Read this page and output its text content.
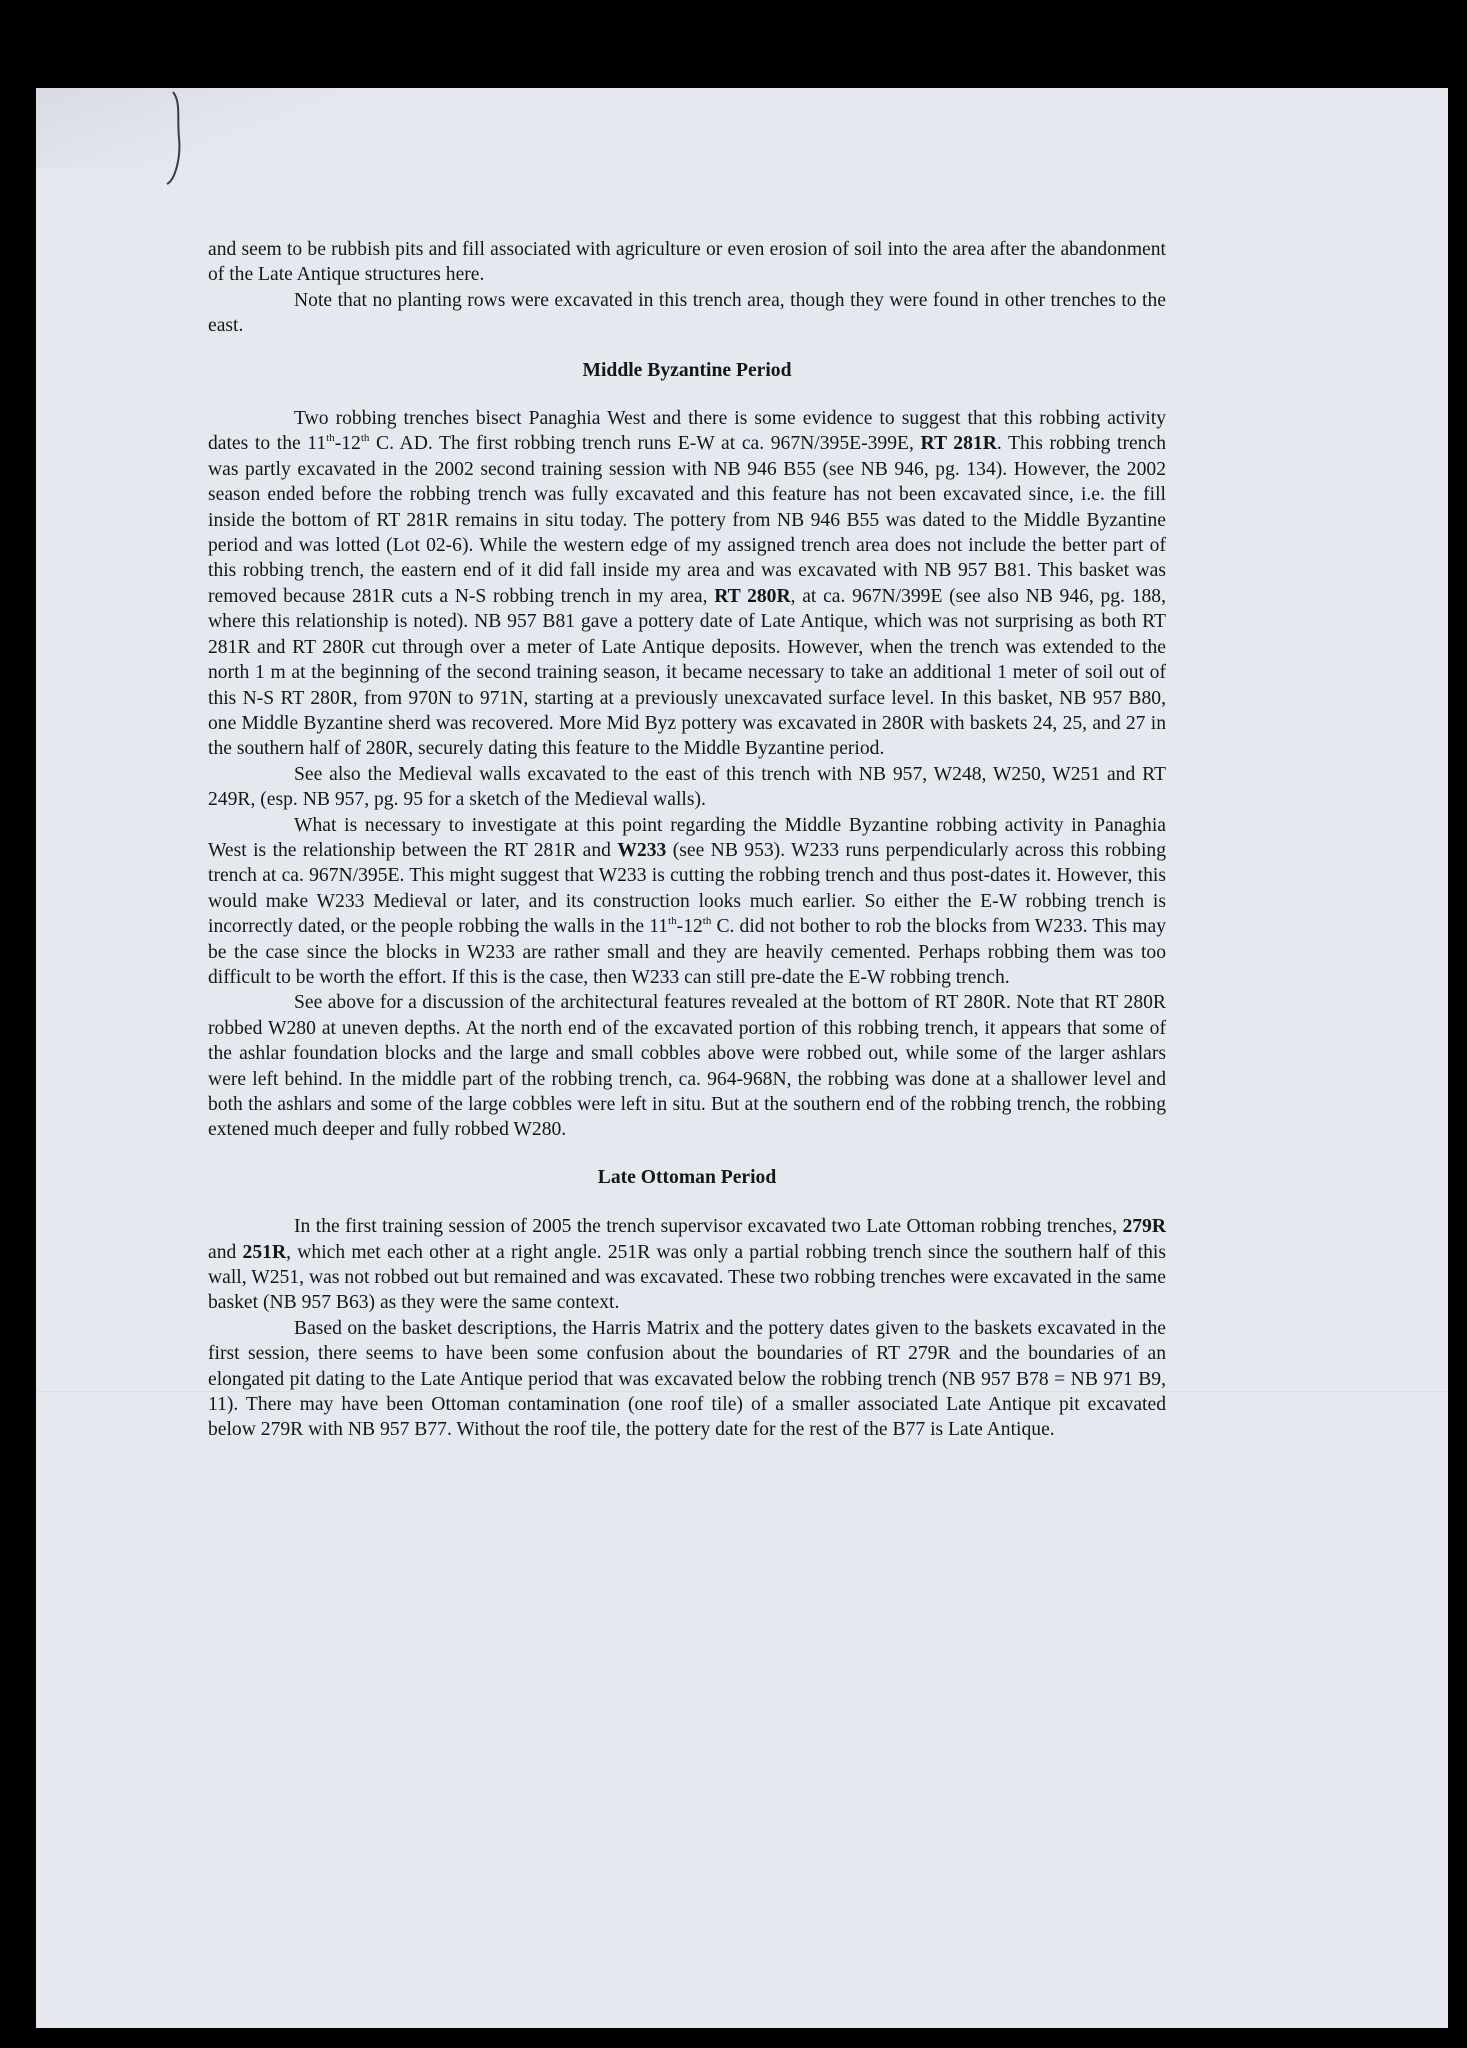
and seem to be rubbish pits and fill associated with agriculture or even erosion of soil into the area after the abandonment of the Late Antique structures here.

Note that no planting rows were excavated in this trench area, though they were found in other trenches to the east.

Middle Byzantine Period

Two robbing trenches bisect Panaghia West and there is some evidence to suggest that this robbing activity dates to the 11th-12th C. AD. The first robbing trench runs E-W at ca. 967N/395E-399E, RT 281R. This robbing trench was partly excavated in the 2002 second training session with NB 946 B55 (see NB 946, pg. 134). However, the 2002 season ended before the robbing trench was fully excavated and this feature has not been excavated since, i.e. the fill inside the bottom of RT 281R remains in situ today. The pottery from NB 946 B55 was dated to the Middle Byzantine period and was lotted (Lot 02-6). While the western edge of my assigned trench area does not include the better part of this robbing trench, the eastern end of it did fall inside my area and was excavated with NB 957 B81. This basket was removed because 281R cuts a N-S robbing trench in my area, RT 280R, at ca. 967N/399E (see also NB 946, pg. 188, where this relationship is noted). NB 957 B81 gave a pottery date of Late Antique, which was not surprising as both RT 281R and RT 280R cut through over a meter of Late Antique deposits. However, when the trench was extended to the north 1 m at the beginning of the second training season, it became necessary to take an additional 1 meter of soil out of this N-S RT 280R, from 970N to 971N, starting at a previously unexcavated surface level. In this basket, NB 957 B80, one Middle Byzantine sherd was recovered. More Mid Byz pottery was excavated in 280R with baskets 24, 25, and 27 in the southern half of 280R, securely dating this feature to the Middle Byzantine period.

See also the Medieval walls excavated to the east of this trench with NB 957, W248, W250, W251 and RT 249R, (esp. NB 957, pg. 95 for a sketch of the Medieval walls).

What is necessary to investigate at this point regarding the Middle Byzantine robbing activity in Panaghia West is the relationship between the RT 281R and W233 (see NB 953). W233 runs perpendicularly across this robbing trench at ca. 967N/395E. This might suggest that W233 is cutting the robbing trench and thus post-dates it. However, this would make W233 Medieval or later, and its construction looks much earlier. So either the E-W robbing trench is incorrectly dated, or the people robbing the walls in the 11th-12th C. did not bother to rob the blocks from W233. This may be the case since the blocks in W233 are rather small and they are heavily cemented. Perhaps robbing them was too difficult to be worth the effort. If this is the case, then W233 can still pre-date the E-W robbing trench.

See above for a discussion of the architectural features revealed at the bottom of RT 280R. Note that RT 280R robbed W280 at uneven depths. At the north end of the excavated portion of this robbing trench, it appears that some of the ashlar foundation blocks and the large and small cobbles above were robbed out, while some of the larger ashlars were left behind. In the middle part of the robbing trench, ca. 964-968N, the robbing was done at a shallower level and both the ashlars and some of the large cobbles were left in situ. But at the southern end of the robbing trench, the robbing extened much deeper and fully robbed W280.

Late Ottoman Period

In the first training session of 2005 the trench supervisor excavated two Late Ottoman robbing trenches, 279R and 251R, which met each other at a right angle. 251R was only a partial robbing trench since the southern half of this wall, W251, was not robbed out but remained and was excavated. These two robbing trenches were excavated in the same basket (NB 957 B63) as they were the same context.

Based on the basket descriptions, the Harris Matrix and the pottery dates given to the baskets excavated in the first session, there seems to have been some confusion about the boundaries of RT 279R and the boundaries of an elongated pit dating to the Late Antique period that was excavated below the robbing trench (NB 957 B78 = NB 971 B9, 11). There may have been Ottoman contamination (one roof tile) of a smaller associated Late Antique pit excavated below 279R with NB 957 B77. Without the roof tile, the pottery date for the rest of the B77 is Late Antique.
